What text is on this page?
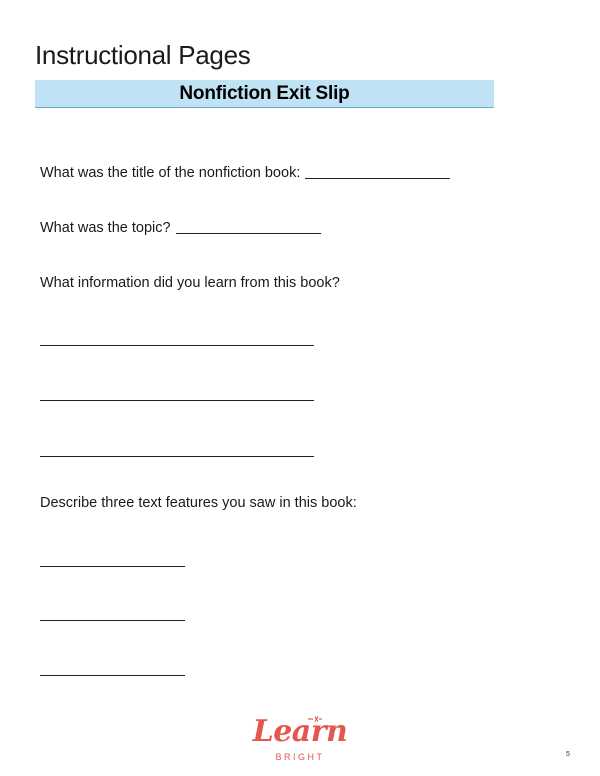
Instructional Pages
Nonfiction Exit Slip
What was the title of the nonfiction book:
What was the topic?
What information did you learn from this book?
Describe three text features you saw in this book:
Learn
BRIGHT	5
